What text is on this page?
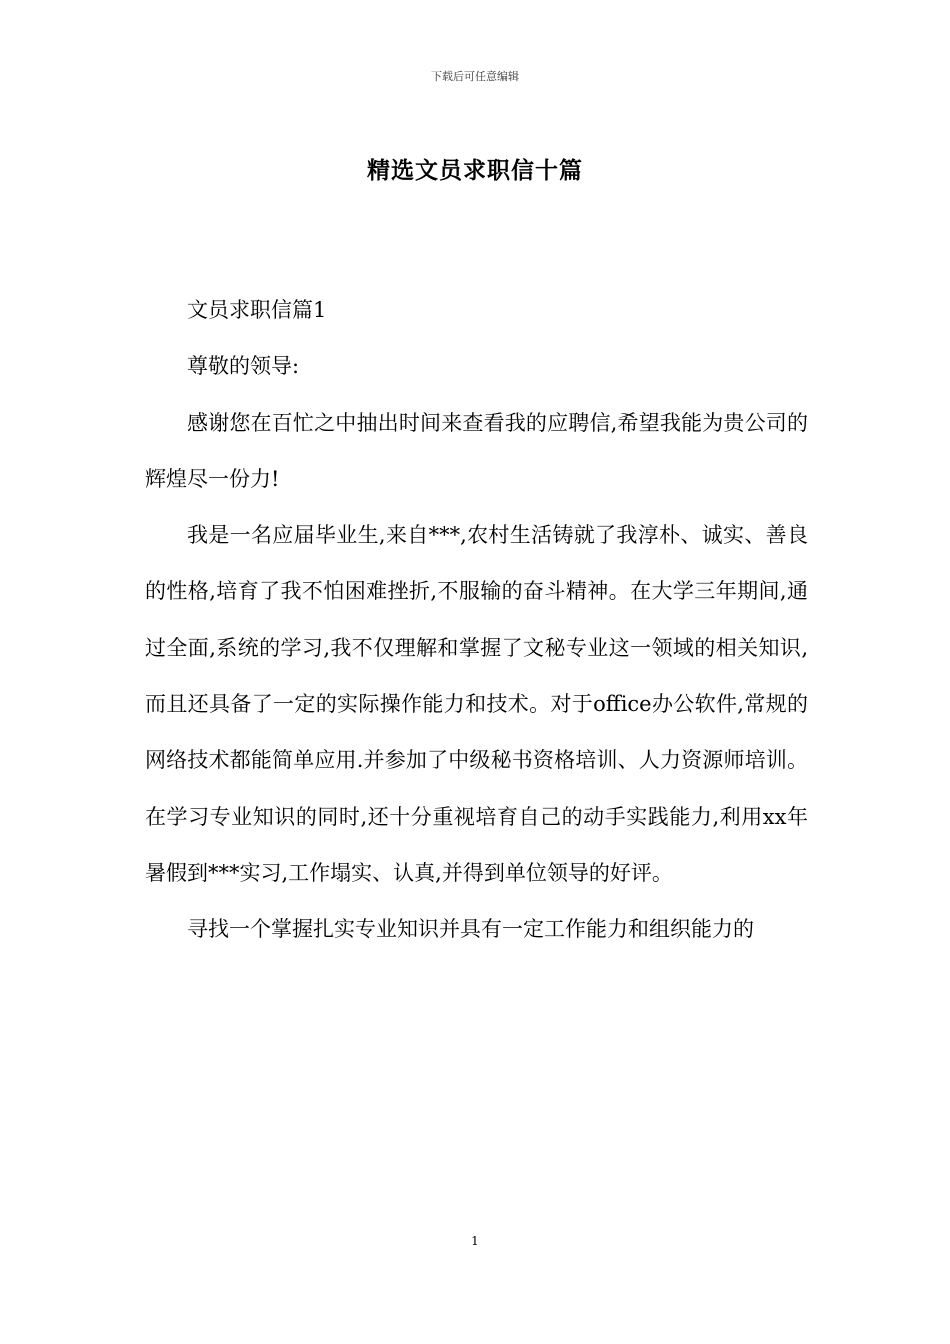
下载后可任意编辑
精选文员求职信十篇

文员求职信篇1

尊敬的领导:

感谢您在百忙之中抽出时间来查看我的应聘信,希望我能为贵公司的辉煌尽一份力!

我是一名应届毕业生,来自***,农村生活铸就了我淳朴、诚实、善良的性格,培育了我不怕困难挫折,不服输的奋斗精神。在大学三年期间,通过全面,系统的学习,我不仅理解和掌握了文秘专业这一领域的相关知识,而且还具备了一定的实际操作能力和技术。对于office办公软件,常规的网络技术都能简单应用.并参加了中级秘书资格培训、人力资源师培训。在学习专业知识的同时,还十分重视培育自己的动手实践能力,利用xx年暑假到***实习,工作塌实、认真,并得到单位领导的好评。

寻找一个掌握扎实专业知识并具有一定工作能力和组织能力的

1
